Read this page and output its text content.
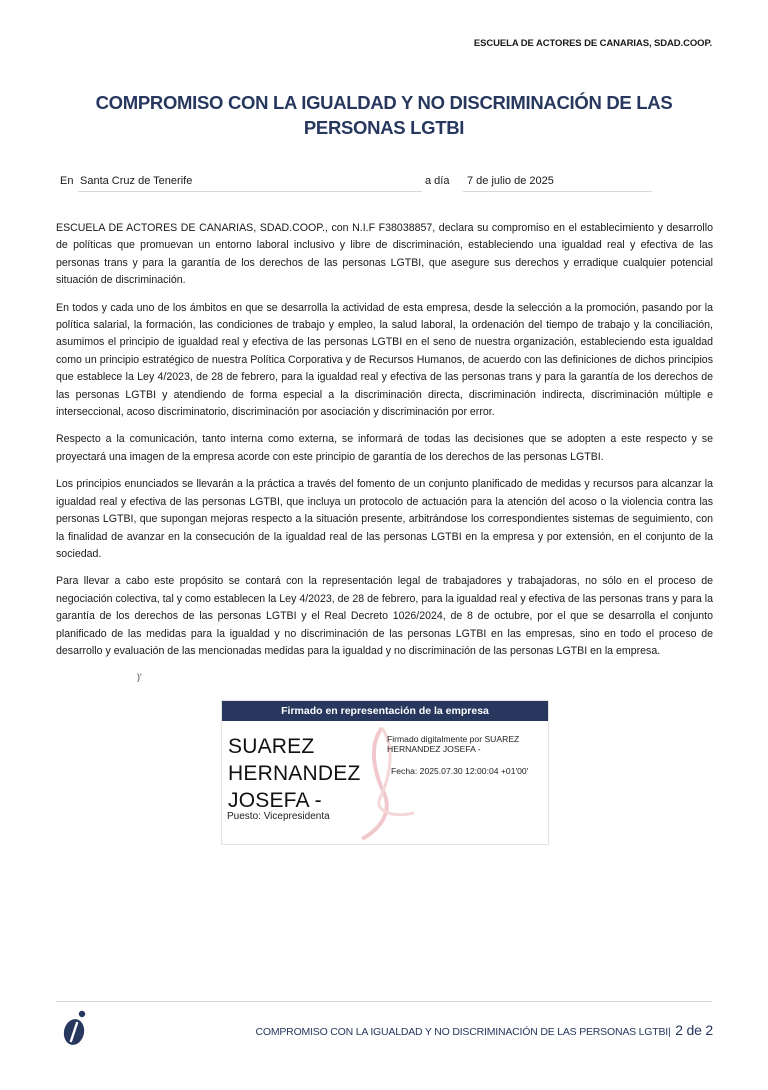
ESCUELA DE ACTORES DE CANARIAS, SDAD.COOP.
COMPROMISO CON LA IGUALDAD Y NO DISCRIMINACIÓN DE LAS PERSONAS LGTBI
En Santa Cruz de Tenerife	a día	7 de julio de 2025

ESCUELA DE ACTORES DE CANARIAS, SDAD.COOP., con N.I.F F38038857, declara su compromiso en el establecimiento y desarrollo de políticas que promuevan un entorno laboral inclusivo y libre de discriminación, estableciendo una igualdad real y efectiva de las personas trans y para la garantía de los derechos de las personas LGTBI, que asegure sus derechos y erradique cualquier potencial situación de discriminación.

En todos y cada uno de los ámbitos en que se desarrolla la actividad de esta empresa, desde la selección a la promoción, pasando por la política salarial, la formación, las condiciones de trabajo y empleo, la salud laboral, la ordenación del tiempo de trabajo y la conciliación, asumimos el principio de igualdad real y efectiva de las personas LGTBI en el seno de nuestra organización, estableciendo esta igualdad como un principio estratégico de nuestra Política Corporativa y de Recursos Humanos, de acuerdo con las definiciones de dichos principios que establece la Ley 4/2023, de 28 de febrero, para la igualdad real y efectiva de las personas trans y para la garantía de los derechos de las personas LGTBI y atendiendo de forma especial a la discriminación directa, discriminación indirecta, discriminación múltiple e interseccional, acoso discriminatorio, discriminación por asociación y discriminación por error.

Respecto a la comunicación, tanto interna como externa, se informará de todas las decisiones que se adopten a este respecto y se proyectará una imagen de la empresa acorde con este principio de garantía de los derechos de las personas LGTBI.

Los principios enunciados se llevarán a la práctica a través del fomento de un conjunto planificado de medidas y recursos para alcanzar la igualdad real y efectiva de las personas LGTBI, que incluya un protocolo de actuación para la atención del acoso o la violencia contra las personas LGTBI, que supongan mejoras respecto a la situación presente, arbitrándose los correspondientes sistemas de seguimiento, con la finalidad de avanzar en la consecución de la igualdad real de las personas LGTBI en la empresa y por extensión, en el conjunto de la sociedad.

Para llevar a cabo este propósito se contará con la representación legal de trabajadores y trabajadoras, no sólo en el proceso de negociación colectiva, tal y como establecen la Ley 4/2023, de 28 de febrero, para la igualdad real y efectiva de las personas trans y para la garantía de los derechos de las personas LGTBI y el Real Decreto 1026/2024, de 8 de octubre, por el que se desarrolla el conjunto planificado de las medidas para la igualdad y no discriminación de las personas LGTBI en las empresas, sino en todo el proceso de desarrollo y evaluación de las mencionadas medidas para la igualdad y no discriminación de las personas LGTBI en la empresa.

)'
Firmado en representación de la empresa
SUAREZ
HERNANDEZ
JOSEFA -
Puesto: Vicepresidenta
Firmado digitalmente por SUAREZ HERNANDEZ JOSEFA -
Fecha: 2025.07.30 12:00:04 +01'00'
COMPROMISO CON LA IGUALDAD Y NO DISCRIMINACIÓN DE LAS PERSONAS LGTBI| 2 de 2
